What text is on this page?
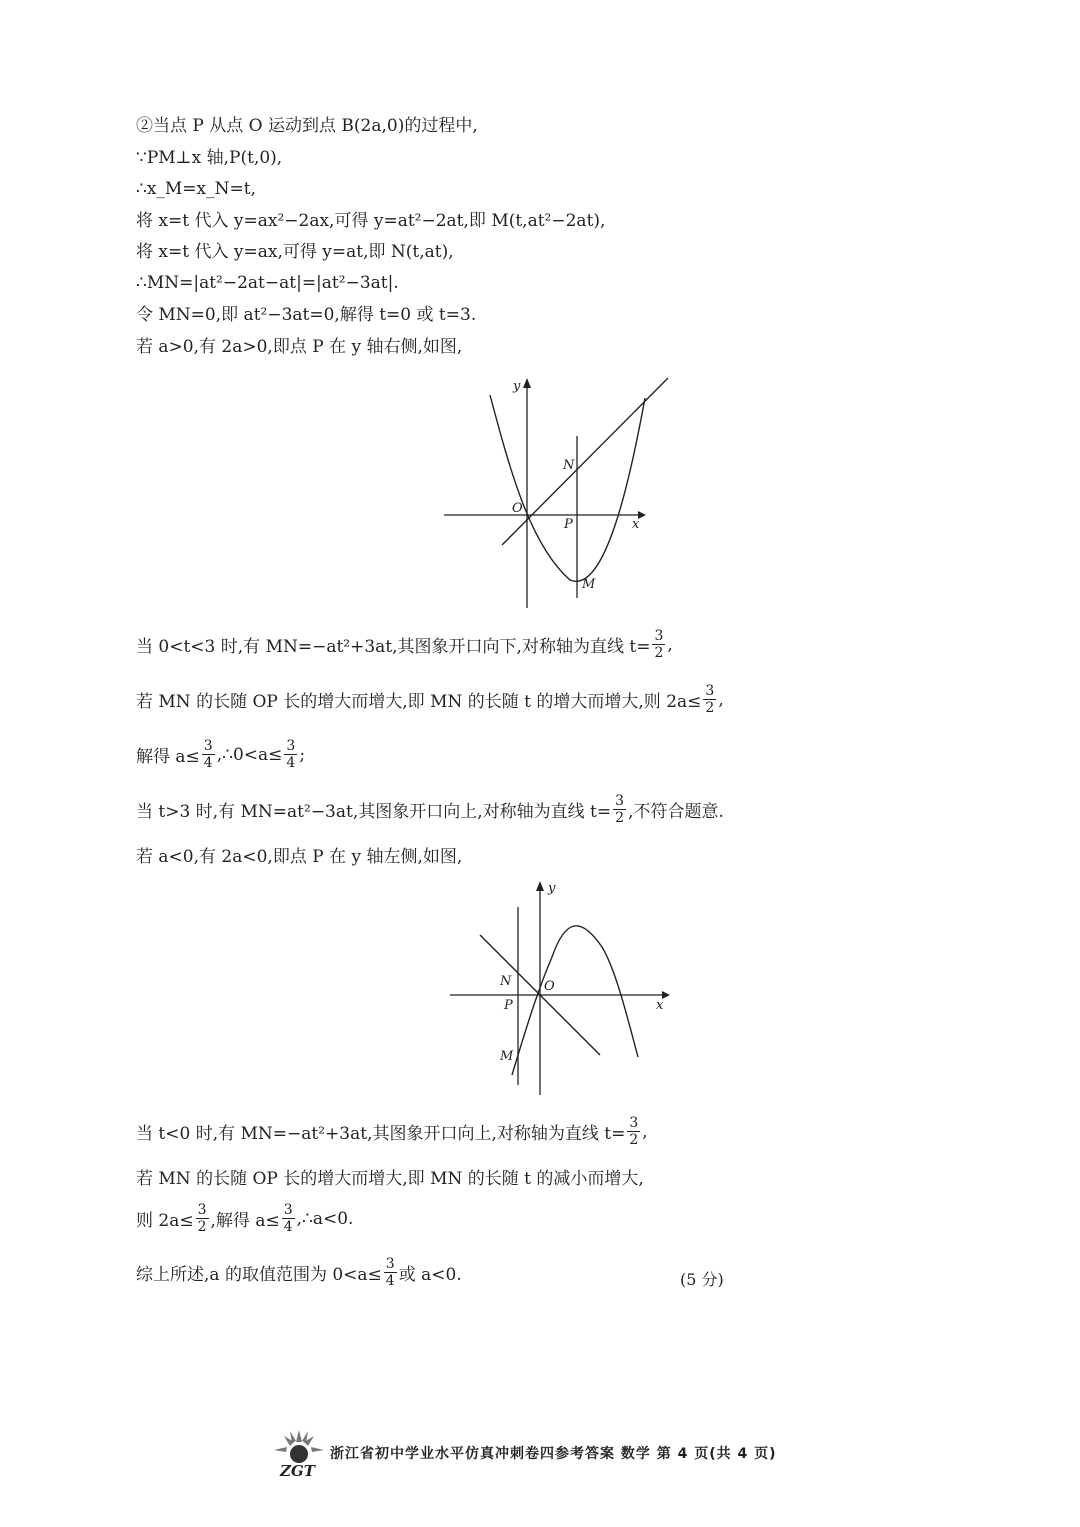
②当点 P 从点 O 运动到点 B(2a,0)的过程中,
∵PM⊥x 轴,P(t,0),
∴x_M=x_N=t,
将 x=t 代入 y=ax²−2ax,可得 y=at²−2at,即 M(t,at²−2at),
将 x=t 代入 y=ax,可得 y=at,即 N(t,at),
∴MN=|at²−2at−at|=|at²−3at|.
令 MN=0,即 at²−3at=0,解得 t=0 或 t=3.
若 a>0,有 2a>0,即点 P 在 y 轴右侧,如图,
y
x
O
N
P
M
当 0<t<3 时,有 MN=−at²+3at,其图象开口向下,对称轴为直线 $t= \frac{3}{2}$ ,
若 MN 的长随 OP 长的增大而增大,即 MN 的长随 t 的增大而增大,则 $2a\le \frac{3}{2}$ ,
解得 $a\le \frac{3}{4}$ ,∴0<a≤ $\frac{3}{4}$ ;
当 t>3 时,有 MN=at²−3at,其图象开口向上,对称轴为直线 $t= \frac{3}{2}$ ,不符合题意.
若 a<0,有 2a<0,即点 P 在 y 轴左侧,如图,
y
x
O
N
P
M
当 t<0 时,有 MN=−at²+3at,其图象开口向上,对称轴为直线 $t= \frac{3}{2}$ ,
若 MN 的长随 OP 长的增大而增大,即 MN 的长随 t 的减小而增大,
则 $2a\le \frac{3}{2}$ ,解得 $a\le \frac{3}{4}$ ,∴a<0.
综上所述,a 的取值范围为 $0<a\le \frac{3}{4}$ 或 a<0.	(5 分)
ZGT
浙江省初中学业水平仿真冲刺卷四参考答案 数学 第 4 页(共 4 页)
